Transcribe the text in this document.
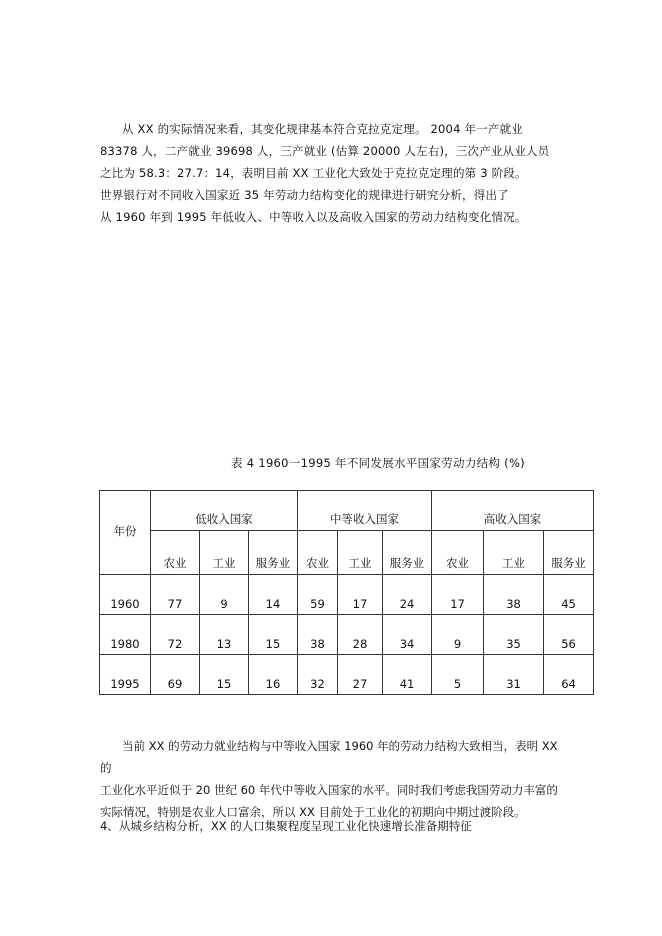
从 XX 的实际情况来看，其变化规律基本符合克拉克定理。 2004 年一产就业

83378 人，二产就业 39698 人，三产就业 (估算 20000 人左右)，三次产业从业人员

之比为 58.3：27.7：14，表明目前 XX 工业化大致处于克拉克定理的第 3 阶段。

世界银行对不同收入国家近 35 年劳动力结构变化的规律进行研究分析，得出了

从 1960 年到 1995 年低收入、中等收入以及高收入国家的劳动力结构变化情况。

表 4 1960一1995 年不同发展水平国家劳动力结构 (%)
年份	低收入国家			中等收入国家			高收入国家		
	农业	工业	服务业	农业	工业	服务业	农业	工业	服务业
1960	77	9	14	59	17	24	17	38	45
1980	72	13	15	38	28	34	9	35	56
1995	69	15	16	32	27	41	5	31	64

当前 XX 的劳动力就业结构与中等收入国家 1960 年的劳动力结构大致相当，表明 XX 的

工业化水平近似于 20 世纪 60 年代中等收入国家的水平。同时我们考虑我国劳动力丰富的

实际情况，特别是农业人口富余，所以 XX 目前处于工业化的初期向中期过渡阶段。

4、从城乡结构分析，XX 的人口集聚程度呈现工业化快速增长准备期特征
